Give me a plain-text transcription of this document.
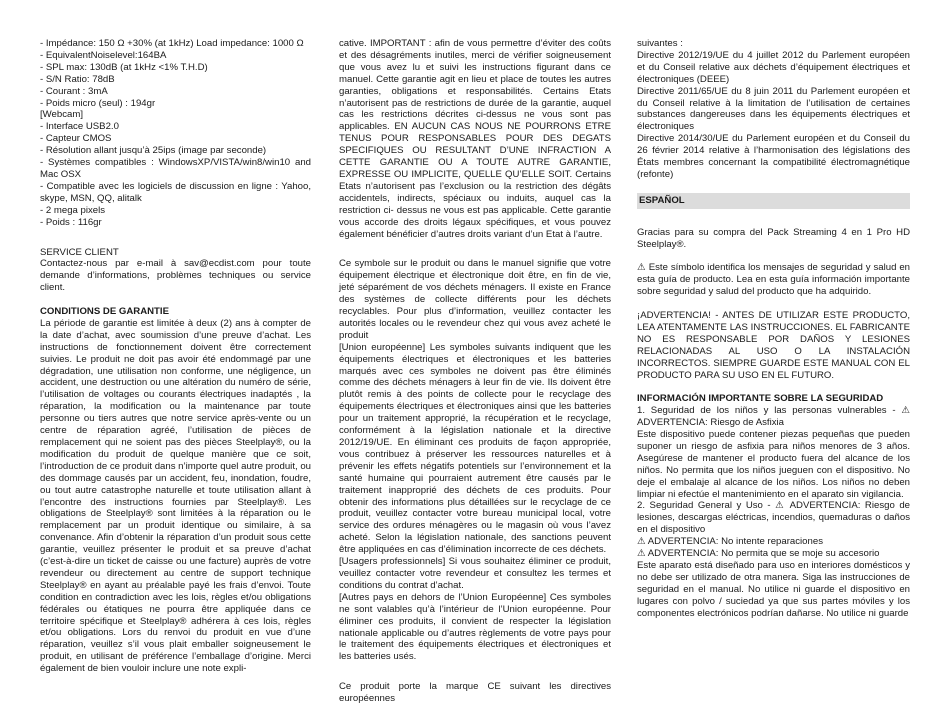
- Impédance: 150 Ω +30% (at 1kHz) Load impedance: 1000 Ω

- EquivalentNoiselevel:164BA

- SPL max: 130dB (at 1kHz <1% T.H.D)

- S/N Ratio: 78dB

- Courant : 3mA

- Poids micro (seul) : 194gr

[Webcam]

- Interface USB2.0

- Capteur CMOS

- Résolution allant jusqu’à 25ips (image par seconde)

- Systèmes compatibles : WindowsXP/VISTA/win8/win10 and Mac OSX

- Compatible avec les logiciels de discussion en ligne : Yahoo, skype, MSN, QQ, alitalk

- 2 mega pixels

- Poids : 116gr

SERVICE CLIENT

Contactez-nous par e-mail à sav@ecdist.com pour toute demande d’informations, problèmes techniques ou service client.

CONDITIONS DE GARANTIE

La période de garantie est limitée à deux (2) ans à compter de la date d’achat, avec soumission d’une preuve d’achat. Les instructions de fonctionnement doivent être correctement suivies. Le produit ne doit pas avoir été endommagé par une dégradation, une utilisation non conforme, une négligence, un accident, une destruction ou une altération du numéro de série, l’utilisation de voltages ou courants électriques inadaptés , la réparation, la modification ou la maintenance par toute personne ou tiers autres que notre service après-vente ou un centre de réparation agréé, l’utilisation de pièces de remplacement qui ne soient pas des pièces Steelplay®, ou la modification du produit de quelque manière que ce soit, l’introduction de ce produit dans n’importe quel autre produit, ou des dommage causés par un accident, feu, inondation, foudre, ou tout autre catastrophe naturelle et toute utilisation allant à l’encontre des instructions fournies par Steelplay®. Les obligations de Steelplay® sont limitées à la réparation ou le remplacement par un produit identique ou similaire, à sa convenance. Afin d’obtenir la réparation d’un produit sous cette garantie, veuillez présenter le produit et sa preuve d’achat (c’est-à-dire un ticket de caisse ou une facture) auprès de votre revendeur ou directement au centre de support technique Steelplay® en ayant au préalable payé les frais d’envoi. Toute condition en contradiction avec les lois, règles et/ou obligations fédérales ou étatiques ne pourra être appliquée dans ce territoire spécifique et Steelplay® adhérera à ces lois, règles et/ou obligations. Lors du renvoi du produit en vue d’une réparation, veuillez s’il vous plait emballer soigneusement le produit, en utilisant de préférence l’emballage d’origine. Merci également de bien vouloir inclure une note expli-

cative. IMPORTANT : afin de vous permettre d’éviter des coûts et des désagréments inutiles, merci de vérifier soigneusement que vous avez lu et suivi les instructions figurant dans ce manuel. Cette garantie agit en lieu et place de toutes les autres garanties, obligations et responsabilités. Certains Etats n’autorisent pas de restrictions de durée de la garantie, auquel cas les restrictions décrites ci-dessus ne vous sont pas applicables. EN AUCUN CAS NOUS NE POURRONS ETRE TENUS POUR RESPONSABLES POUR DES DEGATS SPECIFIQUES OU RESULTANT D’UNE INFRACTION A CETTE GARANTIE OU A TOUTE AUTRE GARANTIE, EXPRESSE OU IMPLICITE, QUELLE QU’ELLE SOIT. Certains Etats n’autorisent pas l’exclusion ou la restriction des dégâts accidentels, indirects, spéciaux ou induits, auquel cas la restriction ci- dessus ne vous est pas applicable. Cette garantie vous accorde des droits légaux spécifiques, et vous pouvez également bénéficier d’autres droits variant d’un Etat à l’autre.

Ce symbole sur le produit ou dans le manuel signifie que votre équipement électrique et électronique doit être, en fin de vie, jeté séparément de vos déchets ménagers. Il existe en France des systèmes de collecte différents pour les déchets recyclables. Pour plus d’information, veuillez contacter les autorités locales ou le revendeur chez qui vous avez acheté le produit

[Union européenne] Les symboles suivants indiquent que les équipements électriques et électroniques et les batteries marqués avec ces symboles ne doivent pas être éliminés comme des déchets ménagers à leur fin de vie. Ils doivent être plutôt remis à des points de collecte pour le recyclage des équipements électriques et électroniques ainsi que les batteries pour un traitement approprié, la récupération et le recyclage, conformément à la législation nationale et la directive 2012/19/UE. En éliminant ces produits de façon appropriée, vous contribuez à préserver les ressources naturelles et à prévenir les effets négatifs potentiels sur l’environnement et la santé humaine qui pourraient autrement être causés par le traitement inapproprié des déchets de ces produits. Pour obtenir des informations plus détaillées sur le recyclage de ce produit, veuillez contacter votre bureau municipal local, votre service des ordures ménagères ou le magasin où vous l’avez acheté. Selon la législation nationale, des sanctions peuvent être appliquées en cas d’élimination incorrecte de ces déchets.

[Usagers professionnels] Si vous souhaitez éliminer ce produit, veuillez contacter votre revendeur et consultez les termes et conditions du contrat d’achat.

[Autres pays en dehors de l’Union Européenne] Ces symboles ne sont valables qu’à l’intérieur de l’Union européenne. Pour éliminer ces produits, il convient de respecter la législation nationale applicable ou d’autres règlements de votre pays pour le traitement des équipements électriques et électroniques et les batteries usés.

Ce produit porte la marque CE suivant les directives européennes

suivantes :

Directive 2012/19/UE du 4 juillet 2012 du Parlement européen et du Conseil relative aux déchets d’équipement électriques et électroniques (DEEE)

Directive 2011/65/UE du 8 juin 2011 du Parlement européen et du Conseil relative à la limitation de l’utilisation de certaines substances dangereuses dans les équipements électriques et électroniques

Directive 2014/30/UE du Parlement européen et du Conseil du 26 février 2014 relative à l’harmonisation des législations des États membres concernant la compatibilité électromagnétique (refonte)

ESPAÑOL

Gracias para su compra del Pack Streaming 4 en 1 Pro HD Steelplay®.

⚠ Este símbolo identifica los mensajes de seguridad y salud en esta guía de producto. Lea en esta guía información importante sobre seguridad y salud del producto que ha adquirido.

¡ADVERTENCIA! - ANTES DE UTILIZAR ESTE PRODUCTO, LEA ATENTAMENTE LAS INSTRUCCIONES. EL FABRICANTE NO ES RESPONSABLE POR DAÑOS Y LESIONES RELACIONADAS AL USO O LA INSTALACIÓN INCORRECTOS. SIEMPRE GUARDE ESTE MANUAL CON EL PRODUCTO PARA SU USO EN EL FUTURO.

INFORMACIÓN IMPORTANTE SOBRE LA SEGURIDAD

1. Seguridad de los niños y las personas vulnerables - ⚠ ADVERTENCIA: Riesgo de Asfixia

Este dispositivo puede contener piezas pequeñas que pueden suponer un riesgo de asfixia para niños menores de 3 años. Asegúrese de mantener el producto fuera del alcance de los niños. No permita que los niños jueguen con el dispositivo. No deje el embalaje al alcance de los niños. Los niños no deben limpiar ni efectúe el mantenimiento en el aparato sin vigilancia.

2. Seguridad General y Uso - ⚠ ADVERTENCIA: Riesgo de lesiones, descargas eléctricas, incendios, quemaduras o daños en el dispositivo

⚠ ADVERTENCIA: No intente reparaciones

⚠ ADVERTENCIA: No permita que se moje su accesorio

Este aparato está diseñado para uso en interiores domésticos y no debe ser utilizado de otra manera. Siga las instrucciones de seguridad en el manual. No utilice ni guarde el dispositivo en lugares con polvo / suciedad ya que sus partes móviles y los componentes electrónicos podrían dañarse. No utilice ni guarde
